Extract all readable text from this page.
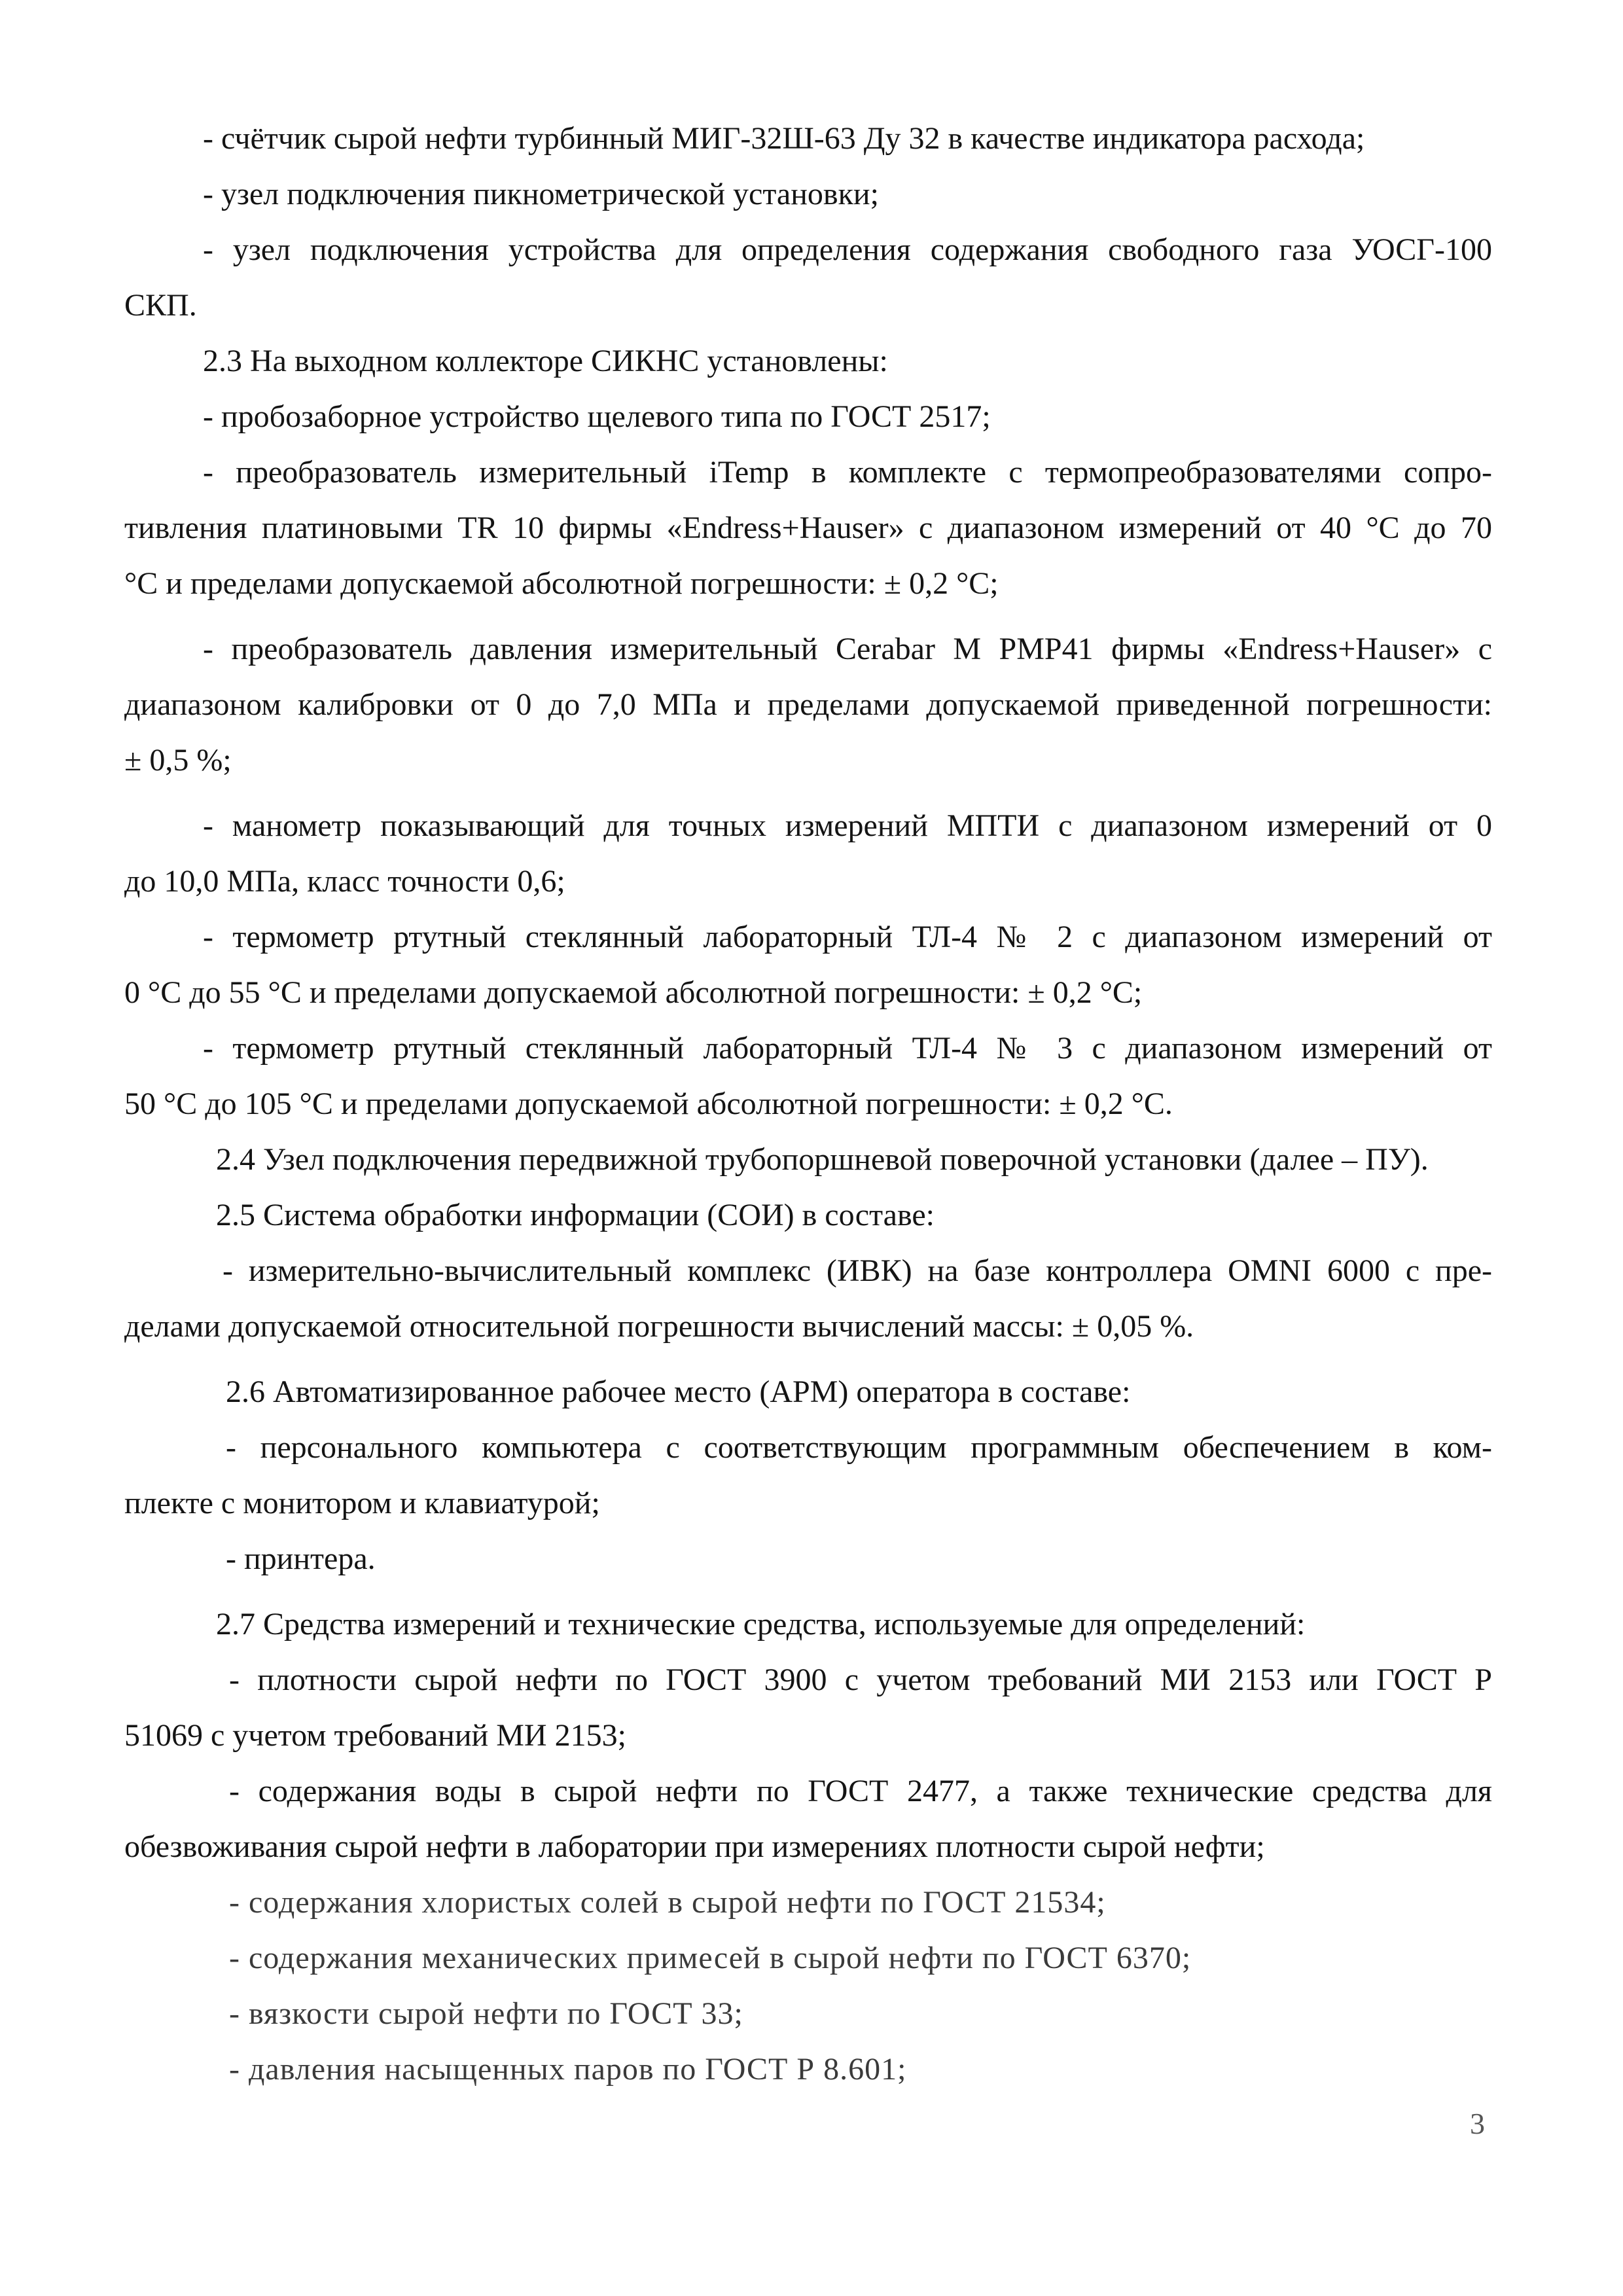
- счётчик сырой нефти турбинный МИГ-32Ш-63 Ду 32 в качестве индикатора расхода;
- узел подключения пикнометрической установки;
- узел подключения устройства для определения содержания свободного газа УОСГ-100
СКП.
2.3 На выходном коллекторе СИКНС установлены:
- пробозаборное устройство щелевого типа по ГОСТ 2517;
- преобразователь измерительный iTemp в комплекте с термопреобразователями сопро-
тивления платиновыми TR 10 фирмы «Endress+Hauser» с диапазоном измерений от 40 °С до 70
°С и пределами допускаемой абсолютной погрешности: ± 0,2 °С;
- преобразователь давления измерительный Cerabar M PMP41 фирмы «Endress+Hauser» с
диапазоном калибровки от 0 до 7,0 МПа и пределами допускаемой приведенной погрешности:
± 0,5 %;
- манометр показывающий для точных измерений МПТИ с диапазоном измерений от 0
до 10,0 МПа, класс точности 0,6;
- термометр ртутный стеклянный лабораторный ТЛ-4 № 2 с диапазоном измерений от
0 °С до 55 °С и пределами допускаемой абсолютной погрешности: ± 0,2 °С;
- термометр ртутный стеклянный лабораторный ТЛ-4 № 3 с диапазоном измерений от
50 °С до 105 °С и пределами допускаемой абсолютной погрешности: ± 0,2 °С.
2.4 Узел подключения передвижной трубопоршневой поверочной установки (далее – ПУ).
2.5 Система обработки информации (СОИ) в составе:
- измерительно-вычислительный комплекс (ИВК) на базе контроллера OMNI 6000 с пре-
делами допускаемой относительной погрешности вычислений массы: ± 0,05 %.
2.6 Автоматизированное рабочее место (АРМ) оператора в составе:
- персонального компьютера с соответствующим программным обеспечением в ком-
плекте с монитором и клавиатурой;
- принтера.
2.7 Средства измерений и технические средства, используемые для определений:
- плотности сырой нефти по ГОСТ 3900 с учетом требований МИ 2153 или ГОСТ Р
51069 с учетом требований МИ 2153;
- содержания воды в сырой нефти по ГОСТ 2477, а также технические средства для
обезвоживания сырой нефти в лаборатории при измерениях плотности сырой нефти;
- содержания хлористых солей в сырой нефти по ГОСТ 21534;
- содержания механических примесей в сырой нефти по ГОСТ 6370;
- вязкости сырой нефти по ГОСТ 33;
- давления насыщенных паров по ГОСТ Р 8.601;
3
